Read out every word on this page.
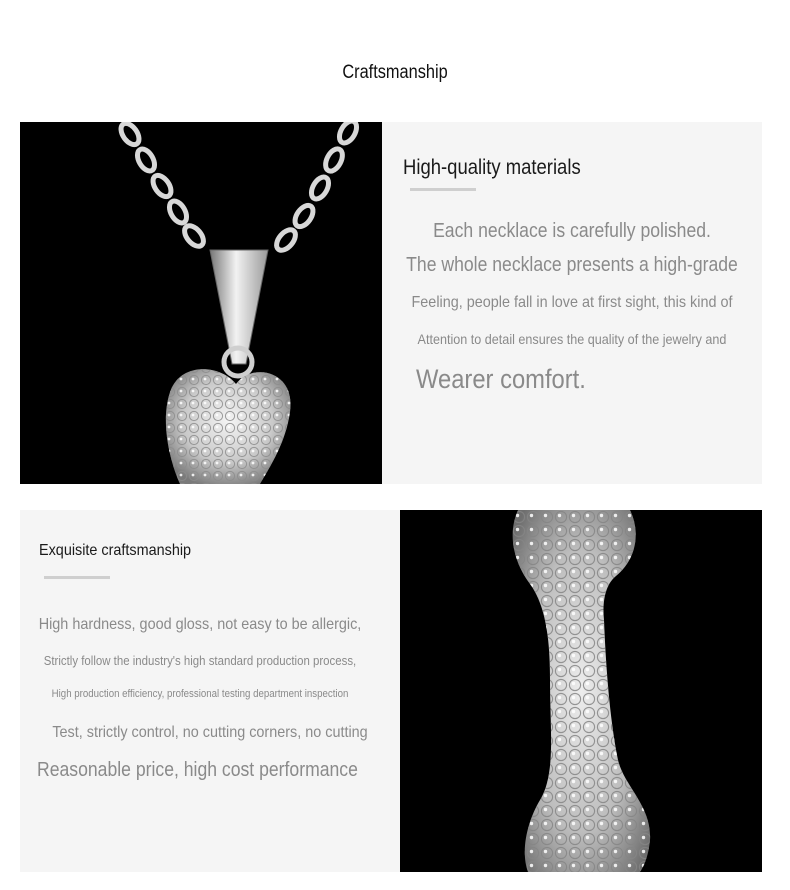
Craftsmanship
High-quality materials
Each necklace is carefully polished.
The whole necklace presents a high-grade
Feeling, people fall in love at first sight, this kind of
Attention to detail ensures the quality of the jewelry and
Wearer comfort.
Exquisite craftsmanship
High hardness, good gloss, not easy to be allergic,
Strictly follow the industry's high standard production process,
High production efficiency, professional testing department inspection
Test, strictly control, no cutting corners, no cutting
Reasonable price, high cost performance
